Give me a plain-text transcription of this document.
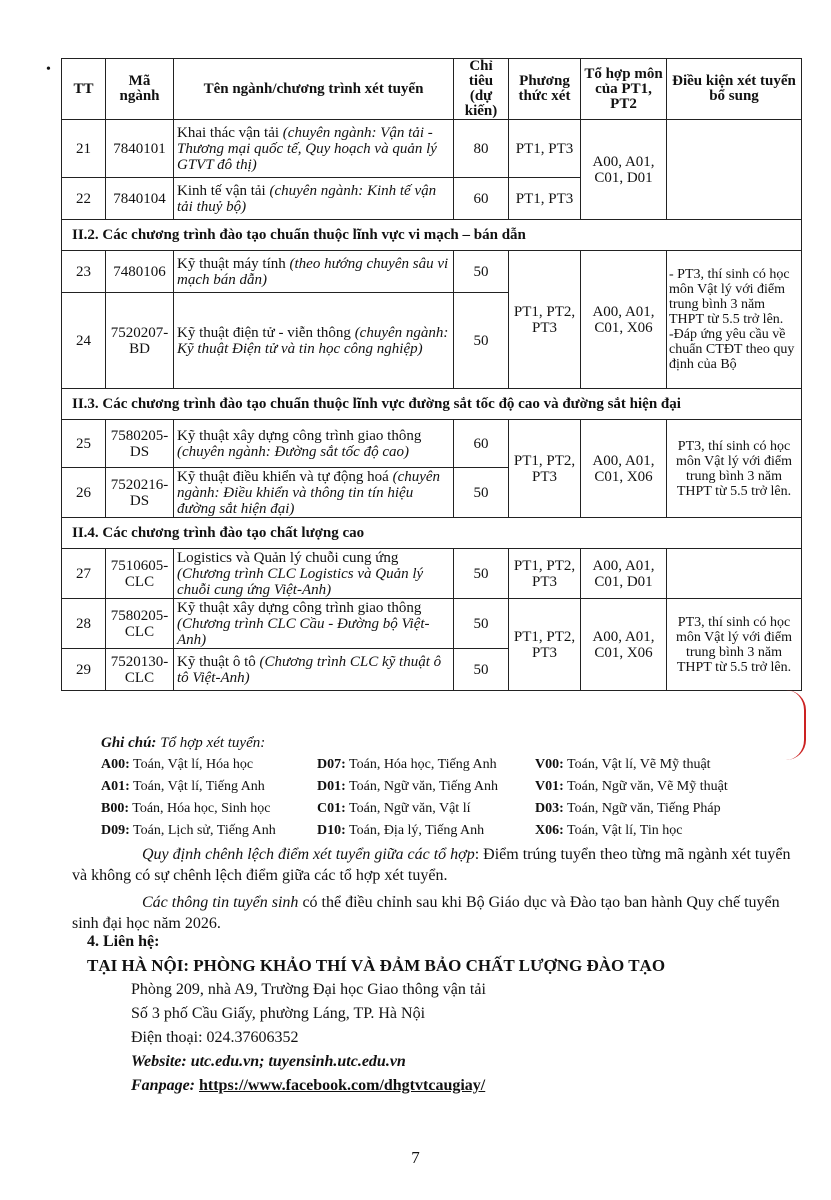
•
TT	Mã ngành	Tên ngành/chương trình xét tuyển	Chỉ tiêu (dự kiến)	Phương thức xét	Tổ hợp môn của PT1, PT2	Điều kiện xét tuyển bổ sung
21	7840101	Khai thác vận tải (chuyên ngành: Vận tải - Thương mại quốc tế, Quy hoạch và quản lý GTVT đô thị)	80	PT1, PT3	A00, A01, C01, D01	
22	7840104	Kinh tế vận tải (chuyên ngành: Kinh tế vận tải thuỷ bộ)	60	PT1, PT3		
II.2. Các chương trình đào tạo chuẩn thuộc lĩnh vực vi mạch – bán dẫn						
23	7480106	Kỹ thuật máy tính (theo hướng chuyên sâu vi mạch bán dẫn)	50	PT1, PT2, PT3	A00, A01, C01, X06	- PT3, thí sinh có học môn Vật lý với điểm trung bình 3 năm THPT từ 5.5 trở lên. -Đáp ứng yêu cầu về chuẩn CTĐT theo quy định của Bộ
24	7520207-BD	Kỹ thuật điện tử - viễn thông (chuyên ngành: Kỹ thuật Điện tử và tin học công nghiệp)	50			
II.3. Các chương trình đào tạo chuẩn thuộc lĩnh vực đường sắt tốc độ cao và đường sắt hiện đại						
25	7580205-DS	Kỹ thuật xây dựng công trình giao thông (chuyên ngành: Đường sắt tốc độ cao)	60	PT1, PT2, PT3	A00, A01, C01, X06	PT3, thí sinh có học môn Vật lý với điểm trung bình 3 năm THPT từ 5.5 trở lên.
26	7520216-DS	Kỹ thuật điều khiển và tự động hoá (chuyên ngành: Điều khiển và thông tin tín hiệu đường sắt hiện đại)	50			
II.4. Các chương trình đào tạo chất lượng cao						
27	7510605-CLC	Logistics và Quản lý chuỗi cung ứng (Chương trình CLC Logistics và Quản lý chuỗi cung ứng Việt-Anh)	50	PT1, PT2, PT3	A00, A01, C01, D01	
28	7580205-CLC	Kỹ thuật xây dựng công trình giao thông (Chương trình CLC Cầu - Đường bộ Việt-Anh)	50	PT1, PT2, PT3	A00, A01, C01, X06	PT3, thí sinh có học môn Vật lý với điểm trung bình 3 năm THPT từ 5.5 trở lên.
29	7520130-CLC	Kỹ thuật ô tô (Chương trình CLC kỹ thuật ô tô Việt-Anh)	50			
Ghi chú: Tổ hợp xét tuyển:
A00: Toán, Vật lí, Hóa học	D07: Toán, Hóa học, Tiếng Anh	V00: Toán, Vật lí, Vẽ Mỹ thuật
A01: Toán, Vật lí, Tiếng Anh	D01: Toán, Ngữ văn, Tiếng Anh	V01: Toán, Ngữ văn, Vẽ Mỹ thuật
B00: Toán, Hóa học, Sinh học	C01: Toán, Ngữ văn, Vật lí	D03: Toán, Ngữ văn, Tiếng Pháp
D09: Toán, Lịch sử, Tiếng Anh	D10: Toán, Địa lý, Tiếng Anh	X06: Toán, Vật lí, Tin học
Quy định chênh lệch điểm xét tuyển giữa các tổ hợp: Điểm trúng tuyển theo từng mã ngành xét tuyển và không có sự chênh lệch điểm giữa các tổ hợp xét tuyển.
Các thông tin tuyển sinh có thể điều chỉnh sau khi Bộ Giáo dục và Đào tạo ban hành Quy chế tuyển sinh đại học năm 2026.
4. Liên hệ:
TẠI HÀ NỘI: PHÒNG KHẢO THÍ VÀ ĐẢM BẢO CHẤT LƯỢNG ĐÀO TẠO
Phòng 209, nhà A9, Trường Đại học Giao thông vận tải
Số 3 phố Cầu Giấy, phường Láng, TP. Hà Nội
Điện thoại: 024.37606352
Website: utc.edu.vn; tuyensinh.utc.edu.vn
Fanpage: https://www.facebook.com/dhgtvtcaugiay/
7
